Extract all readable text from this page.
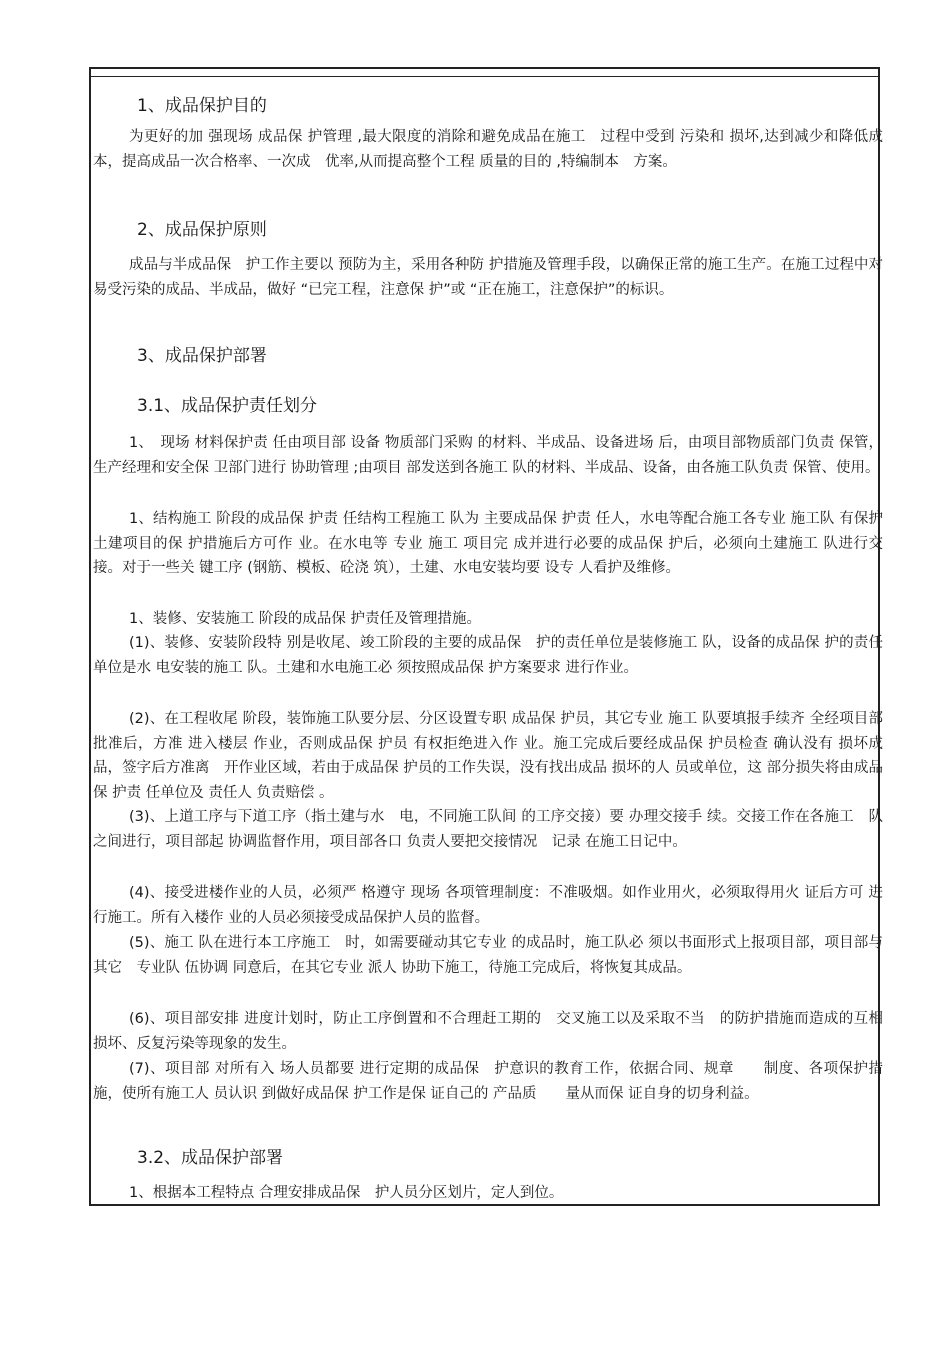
1、成品保护目的

为更好的加 强现场 成品保 护管理 ,最大限度的消除和避免成品在施工　过程中受到 污染和 损坏,达到减少和降低成本，提高成品一次合格率、一次成　优率,从而提高整个工程 质量的目的 ,特编制本　方案。

2、成品保护原则

成品与半成品保　护工作主要以 预防为主，采用各种防 护措施及管理手段，以确保正常的施工生产。在施工过程中对 易受污染的成品、半成品，做好 “已完工程，注意保 护”或 “正在施工，注意保护”的标识。

3、成品保护部署
3.1、成品保护责任划分

1、　现场 材料保护责 任由项目部 设备 物质部门采购 的材料、半成品、设备进场 后，由项目部物质部门负责 保管，生产经理和安全保 卫部门进行 协助管理 ;由项目 部发送到各施工 队的材料、半成品、设备，由各施工队负责 保管、使用。

1、结构施工 阶段的成品保 护责 任结构工程施工 队为 主要成品保 护责 任人，水电等配合施工各专业 施工队 有保护土建项目的保 护措施后方可作 业。在水电等 专业 施工 项目完 成并进行必要的成品保 护后，必须向土建施工 队进行交接。对于一些关 键工序 (钢筋、模板、砼浇 筑），土建、水电安装均要 设专 人看护及维修。

1、装修、安装施工 阶段的成品保 护责任及管理措施。

(1)、装修、安装阶段特 别是收尾、竣工阶段的主要的成品保　护的责任单位是装修施工 队，设备的成品保 护的责任单位是水 电安装的施工 队。土建和水电施工必 须按照成品保 护方案要求 进行作业。

(2)、在工程收尾 阶段，装饰施工队要分层、分区设置专职 成品保 护员，其它专业 施工 队要填报手续齐 全经项目部批准后，方准 进入楼层 作业，否则成品保 护员 有权拒绝进入作 业。施工完成后要经成品保 护员检查 确认没有 损坏成品，签字后方准离　开作业区域，若由于成品保 护员的工作失误，没有找出成品 损坏的人 员或单位，这 部分损失将由成品保 护责 任单位及 责任人 负责赔偿 。

(3)、上道工序与下道工序（指土建与水　电，不同施工队间 的工序交接）要 办理交接手 续。交接工作在各施工　队之间进行，项目部起 协调监督作用，项目部各口 负责人要把交接情况　记录 在施工日记中。

(4)、接受进楼作业的人员，必须严 格遵守 现场 各项管理制度：不准吸烟。如作业用火，必须取得用火 证后方可 进行施工。所有入楼作 业的人员必须接受成品保护人员的监督。

(5)、施工 队在进行本工序施工　时，如需要碰动其它专业 的成品时，施工队必 须以书面形式上报项目部，项目部与其它　专业队 伍协调 同意后，在其它专业 派人 协助下施工，待施工完成后，将恢复其成品。

(6)、项目部安排 进度计划时，防止工序倒置和不合理赶工期的　交叉施工以及采取不当　的防护措施而造成的互相　损坏、反复污染等现象的发生。

(7)、项目部 对所有入 场人员都要 进行定期的成品保　护意识的教育工作，依据合同、规章　　制度、各项保护措施，使所有施工人 员认识 到做好成品保 护工作是保 证自己的 产品质　　量从而保 证自身的切身利益。

3.2、成品保护部署

1、根据本工程特点 合理安排成品保　护人员分区划片，定人到位。
